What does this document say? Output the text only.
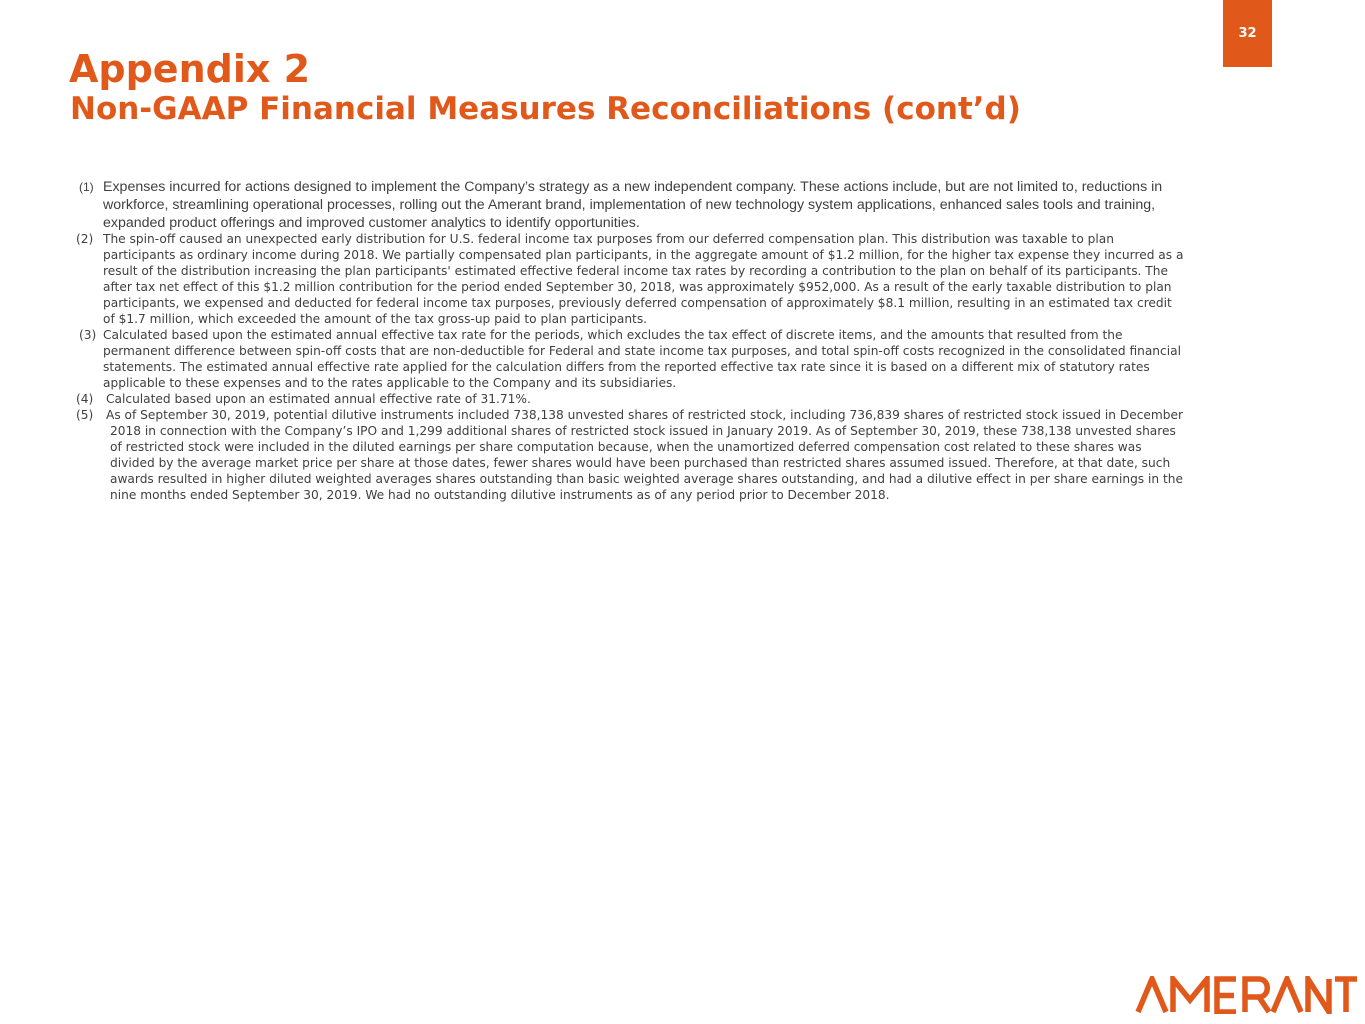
32
Appendix 2
Non-GAAP Financial Measures Reconciliations (cont’d)
(1) Expenses incurred for actions designed to implement the Company’s strategy as a new independent company. These actions include, but are not limited to, reductions in
workforce, streamlining operational processes, rolling out the Amerant brand, implementation of new technology system applications, enhanced sales tools and training,
expanded product offerings and improved customer analytics to identify opportunities.
(2) The spin-off caused an unexpected early distribution for U.S. federal income tax purposes from our deferred compensation plan. This distribution was taxable to plan
participants as ordinary income during 2018. We partially compensated plan participants, in the aggregate amount of $1.2 million, for the higher tax expense they incurred as a
result of the distribution increasing the plan participants' estimated effective federal income tax rates by recording a contribution to the plan on behalf of its participants. The
after tax net effect of this $1.2 million contribution for the period ended September 30, 2018, was approximately $952,000. As a result of the early taxable distribution to plan
participants, we expensed and deducted for federal income tax purposes, previously deferred compensation of approximately $8.1 million, resulting in an estimated tax credit
of $1.7 million, which exceeded the amount of the tax gross-up paid to plan participants.
(3) Calculated based upon the estimated annual effective tax rate for the periods, which excludes the tax effect of discrete items, and the amounts that resulted from the
permanent difference between spin-off costs that are non-deductible for Federal and state income tax purposes, and total spin-off costs recognized in the consolidated financial
statements. The estimated annual effective rate applied for the calculation differs from the reported effective tax rate since it is based on a different mix of statutory rates
applicable to these expenses and to the rates applicable to the Company and its subsidiaries.
(4) Calculated based upon an estimated annual effective rate of 31.71%.
(5) As of September 30, 2019, potential dilutive instruments included 738,138 unvested shares of restricted stock, including 736,839 shares of restricted stock issued in December
2018 in connection with the Company’s IPO and 1,299 additional shares of restricted stock issued in January 2019. As of September 30, 2019, these 738,138 unvested shares
of restricted stock were included in the diluted earnings per share computation because, when the unamortized deferred compensation cost related to these shares was
divided by the average market price per share at those dates, fewer shares would have been purchased than restricted shares assumed issued. Therefore, at that date, such
awards resulted in higher diluted weighted averages shares outstanding than basic weighted average shares outstanding, and had a dilutive effect in per share earnings in the
nine months ended September 30, 2019. We had no outstanding dilutive instruments as of any period prior to December 2018.
